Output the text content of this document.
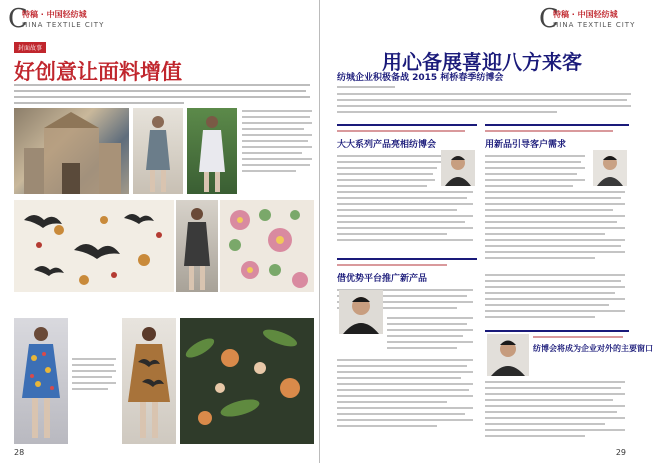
C
特稿 · 中国轻纺城
HINA TEXTILE CITY
封面故事
好创意让面料增值
28
C
特稿 · 中国轻纺城
HINA TEXTILE CITY
用心备展喜迎八方来客
纺城企业积极备战 2015 柯桥春季纺博会
大大系列产品亮相纺博会	用新品引导客户需求
借优势平台推广新产品
纺博会将成为企业对外的主要窗口
29
